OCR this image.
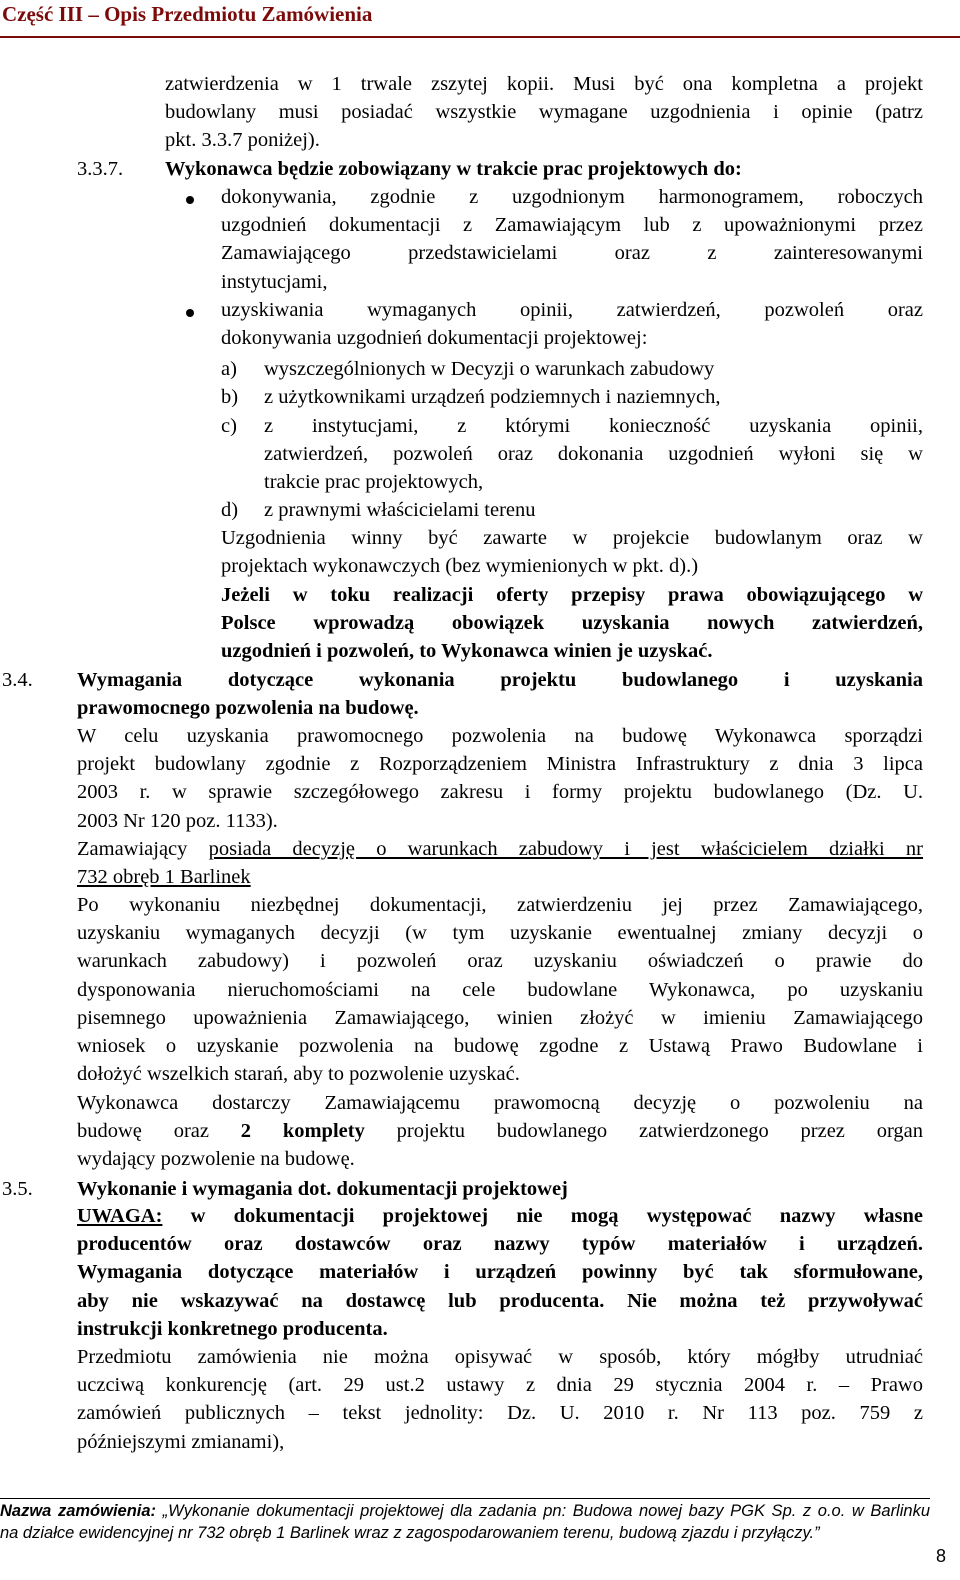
Część III – Opis Przedmiotu Zamówienia
zatwierdzenia w 1 trwale zszytej kopii. Musi być ona kompletna a projekt
budowlany musi posiadać wszystkie wymagane uzgodnienia i opinie (patrz
pkt. 3.3.7 poniżej).
3.3.7. Wykonawca będzie zobowiązany w trakcie prac projektowych do:
dokonywania, zgodnie z uzgodnionym harmonogramem, roboczych
uzgodnień dokumentacji z Zamawiającym lub z upoważnionymi przez
Zamawiającego przedstawicielami oraz z zainteresowanymi
instytucjami,
uzyskiwania wymaganych opinii, zatwierdzeń, pozwoleń oraz
dokonywania uzgodnień dokumentacji projektowej:
a) wyszczególnionych w Decyzji o warunkach zabudowy
b) z użytkownikami urządzeń podziemnych i naziemnych,
c) z instytucjami, z którymi konieczność uzyskania opinii,
zatwierdzeń, pozwoleń oraz dokonania uzgodnień wyłoni się w
trakcie prac projektowych,
d) z prawnymi właścicielami terenu
Uzgodnienia winny być zawarte w projekcie budowlanym oraz w
projektach wykonawczych (bez wymienionych w pkt. d).)
Jeżeli w toku realizacji oferty przepisy prawa obowiązującego w
Polsce wprowadzą obowiązek uzyskania nowych zatwierdzeń,
uzgodnień i pozwoleń, to Wykonawca winien je uzyskać.
3.4. Wymagania dotyczące wykonania projektu budowlanego i uzyskania
prawomocnego pozwolenia na budowę.
W celu uzyskania prawomocnego pozwolenia na budowę Wykonawca sporządzi
projekt budowlany zgodnie z Rozporządzeniem Ministra Infrastruktury z dnia 3 lipca
2003 r. w sprawie szczegółowego zakresu i formy projektu budowlanego (Dz. U.
2003 Nr 120 poz. 1133).
Zamawiający posiada decyzję o warunkach zabudowy i jest właścicielem działki nr
732 obręb 1 Barlinek
Po wykonaniu niezbędnej dokumentacji, zatwierdzeniu jej przez Zamawiającego,
uzyskaniu wymaganych decyzji (w tym uzyskanie ewentualnej zmiany decyzji o
warunkach zabudowy) i pozwoleń oraz uzyskaniu oświadczeń o prawie do
dysponowania nieruchomościami na cele budowlane Wykonawca, po uzyskaniu
pisemnego upoważnienia Zamawiającego, winien złożyć w imieniu Zamawiającego
wniosek o uzyskanie pozwolenia na budowę zgodne z Ustawą Prawo Budowlane i
dołożyć wszelkich starań, aby to pozwolenie uzyskać.
Wykonawca dostarczy Zamawiającemu prawomocną decyzję o pozwoleniu na
budowę oraz 2 komplety projektu budowlanego zatwierdzonego przez organ
wydający pozwolenie na budowę.
3.5. Wykonanie i wymagania dot. dokumentacji projektowej
UWAGA: w dokumentacji projektowej nie mogą występować nazwy własne
producentów oraz dostawców oraz nazwy typów materiałów i urządzeń.
Wymagania dotyczące materiałów i urządzeń powinny być tak sformułowane,
aby nie wskazywać na dostawcę lub producenta. Nie można też przywoływać
instrukcji konkretnego producenta.
Przedmiotu zamówienia nie można opisywać w sposób, który mógłby utrudniać
uczciwą konkurencję (art. 29 ust.2 ustawy z dnia 29 stycznia 2004 r. – Prawo
zamówień publicznych – tekst jednolity: Dz. U. 2010 r. Nr 113 poz. 759 z
późniejszymi zmianami),
Nazwa zamówienia: „Wykonanie dokumentacji projektowej dla zadania pn: Budowa nowej bazy PGK Sp. z o.o. w Barlinku
na działce ewidencyjnej nr 732 obręb 1 Barlinek wraz z zagospodarowaniem terenu, budową zjazdu i przyłączy.”
8
